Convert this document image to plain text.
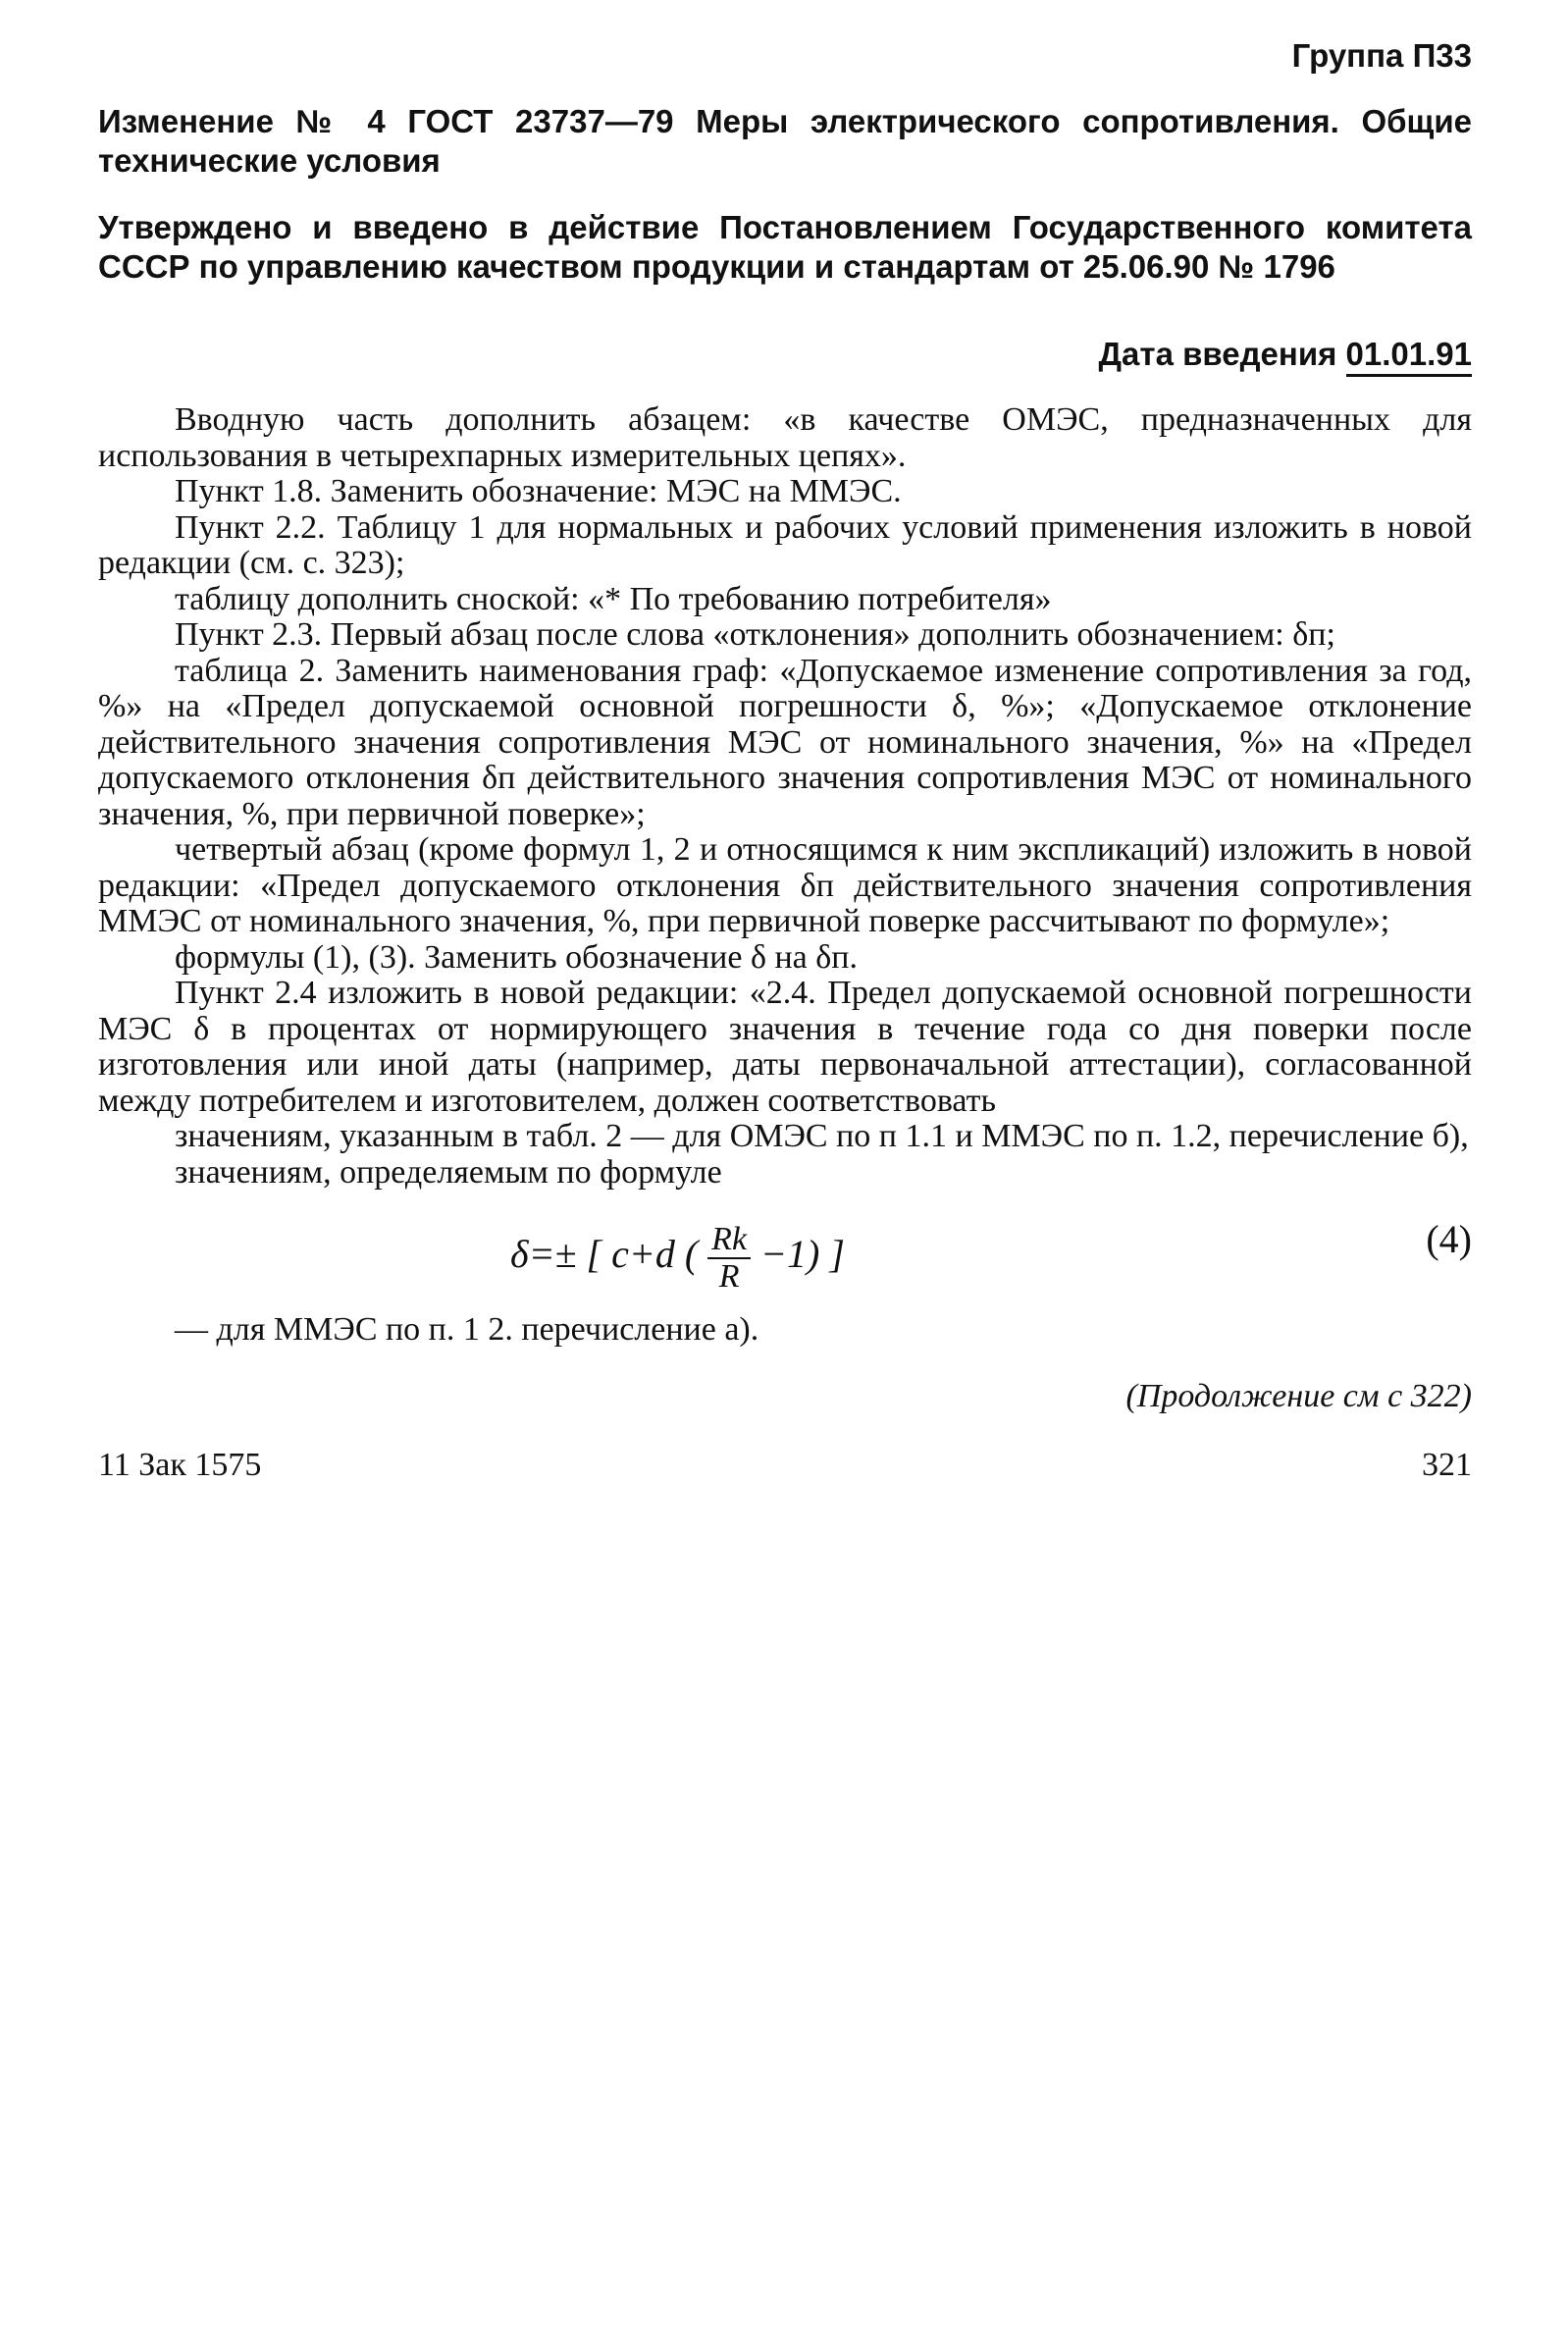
Группа П33
Изменение № 4 ГОСТ 23737—79 Меры электрического сопротивления. Общие технические условия
Утверждено и введено в действие Постановлением Государственного комитета СССР по управлению качеством продукции и стандартам от 25.06.90 № 1796
Дата введения 01.01.91

Вводную часть дополнить абзацем: «в качестве ОМЭС, предназначенных для использования в четырехпарных измерительных цепях».

Пункт 1.8. Заменить обозначение: МЭС на ММЭС.

Пункт 2.2. Таблицу 1 для нормальных и рабочих условий применения изложить в новой редакции (см. с. 323);

таблицу дополнить сноской: «* По требованию потребителя»

Пункт 2.3. Первый абзац после слова «отклонения» дополнить обозначением: δп;

таблица 2. Заменить наименования граф: «Допускаемое изменение сопротивления за год, %» на «Предел допускаемой основной погрешности δ, %»; «Допускаемое отклонение действительного значения сопротивления МЭС от номинального значения, %» на «Предел допускаемого отклонения δп действительного значения сопротивления МЭС от номинального значения, %, при первичной поверке»;

четвертый абзац (кроме формул 1, 2 и относящимся к ним экспликаций) изложить в новой редакции: «Предел допускаемого отклонения δп действительного значения сопротивления ММЭС от номинального значения, %, при первичной поверке рассчитывают по формуле»;

формулы (1), (3). Заменить обозначение δ на δп.

Пункт 2.4 изложить в новой редакции: «2.4. Предел допускаемой основной погрешности МЭС δ в процентах от нормирующего значения в течение года со дня поверки после изготовления или иной даты (например, даты первоначальной аттестации), согласованной между потребителем и изготовителем, должен соответствовать

значениям, указанным в табл. 2 — для ОМЭС по п 1.1 и ММЭС по п. 1.2, перечисление б),

значениям, определяемым по формуле

δ=± [ c+d ( $\frac{Rk}{R} -1$) ]	(4)

— для ММЭС по п. 1 2. перечисление а).

(Продолжение см с 322)
11 Зак 1575	321
